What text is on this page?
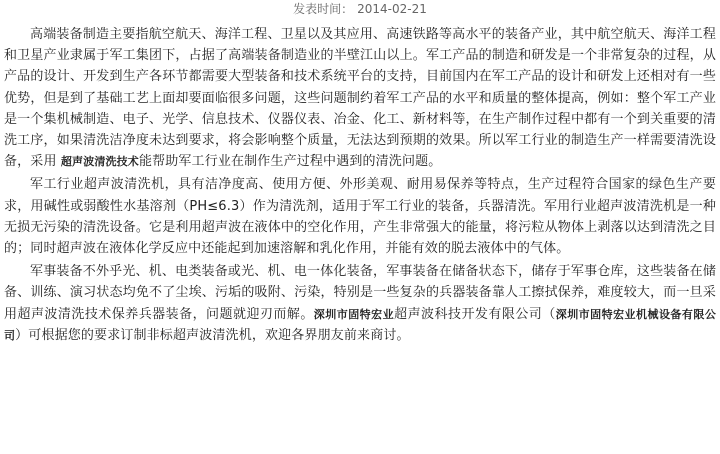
发表时间： 2014-02-21

高端装备制造主要指航空航天、海洋工程、卫星以及其应用、高速铁路等高水平的装备产业，其中航空航天、海洋工程和卫星产业隶属于军工集团下，占据了高端装备制造业的半壁江山以上。军工产品的制造和研发是一个非常复杂的过程，从产品的设计、开发到生产各环节都需要大型装备和技术系统平台的支持，目前国内在军工产品的设计和研发上还相对有一些优势，但是到了基础工艺上面却要面临很多问题，这些问题制约着军工产品的水平和质量的整体提高，例如：整个军工产业是一个集机械制造、电子、光学、信息技术、仪器仪表、冶金、化工、新材料等，在生产制作过程中都有一个到关重要的清洗工序，如果清洗洁净度未达到要求，将会影响整个质量，无法达到预期的效果。所以军工行业的制造生产一样需要清洗设备，采用 超声波清洗技术能帮助军工行业在制作生产过程中遇到的清洗问题。

军工行业超声波清洗机，具有洁净度高、使用方便、外形美观、耐用易保养等特点，生产过程符合国家的绿色生产要求，用碱性或弱酸性水基溶剂（PH≤6.3）作为清洗剂，适用于军工行业的装备，兵器清洗。军用行业超声波清洗机是一种无损无污染的清洗设备。它是利用超声波在液体中的空化作用，产生非常强大的能量，将污粒从物体上剥落以达到清洗之目的；同时超声波在液体化学反应中还能起到加速溶解和乳化作用，并能有效的脱去液体中的气体。

军事装备不外乎光、机、电类装备或光、机、电一体化装备，军事装备在储备状态下，储存于军事仓库，这些装备在储备、训练、演习状态均免不了尘埃、污垢的吸附、污染，特别是一些复杂的兵器装备靠人工擦拭保养，难度较大，而一旦采用超声波清洗技术保养兵器装备，问题就迎刃而解。深圳市固特宏业超声波科技开发有限公司（深圳市固特宏业机械设备有限公司）可根据您的要求订制非标超声波清洗机，欢迎各界朋友前来商讨。
